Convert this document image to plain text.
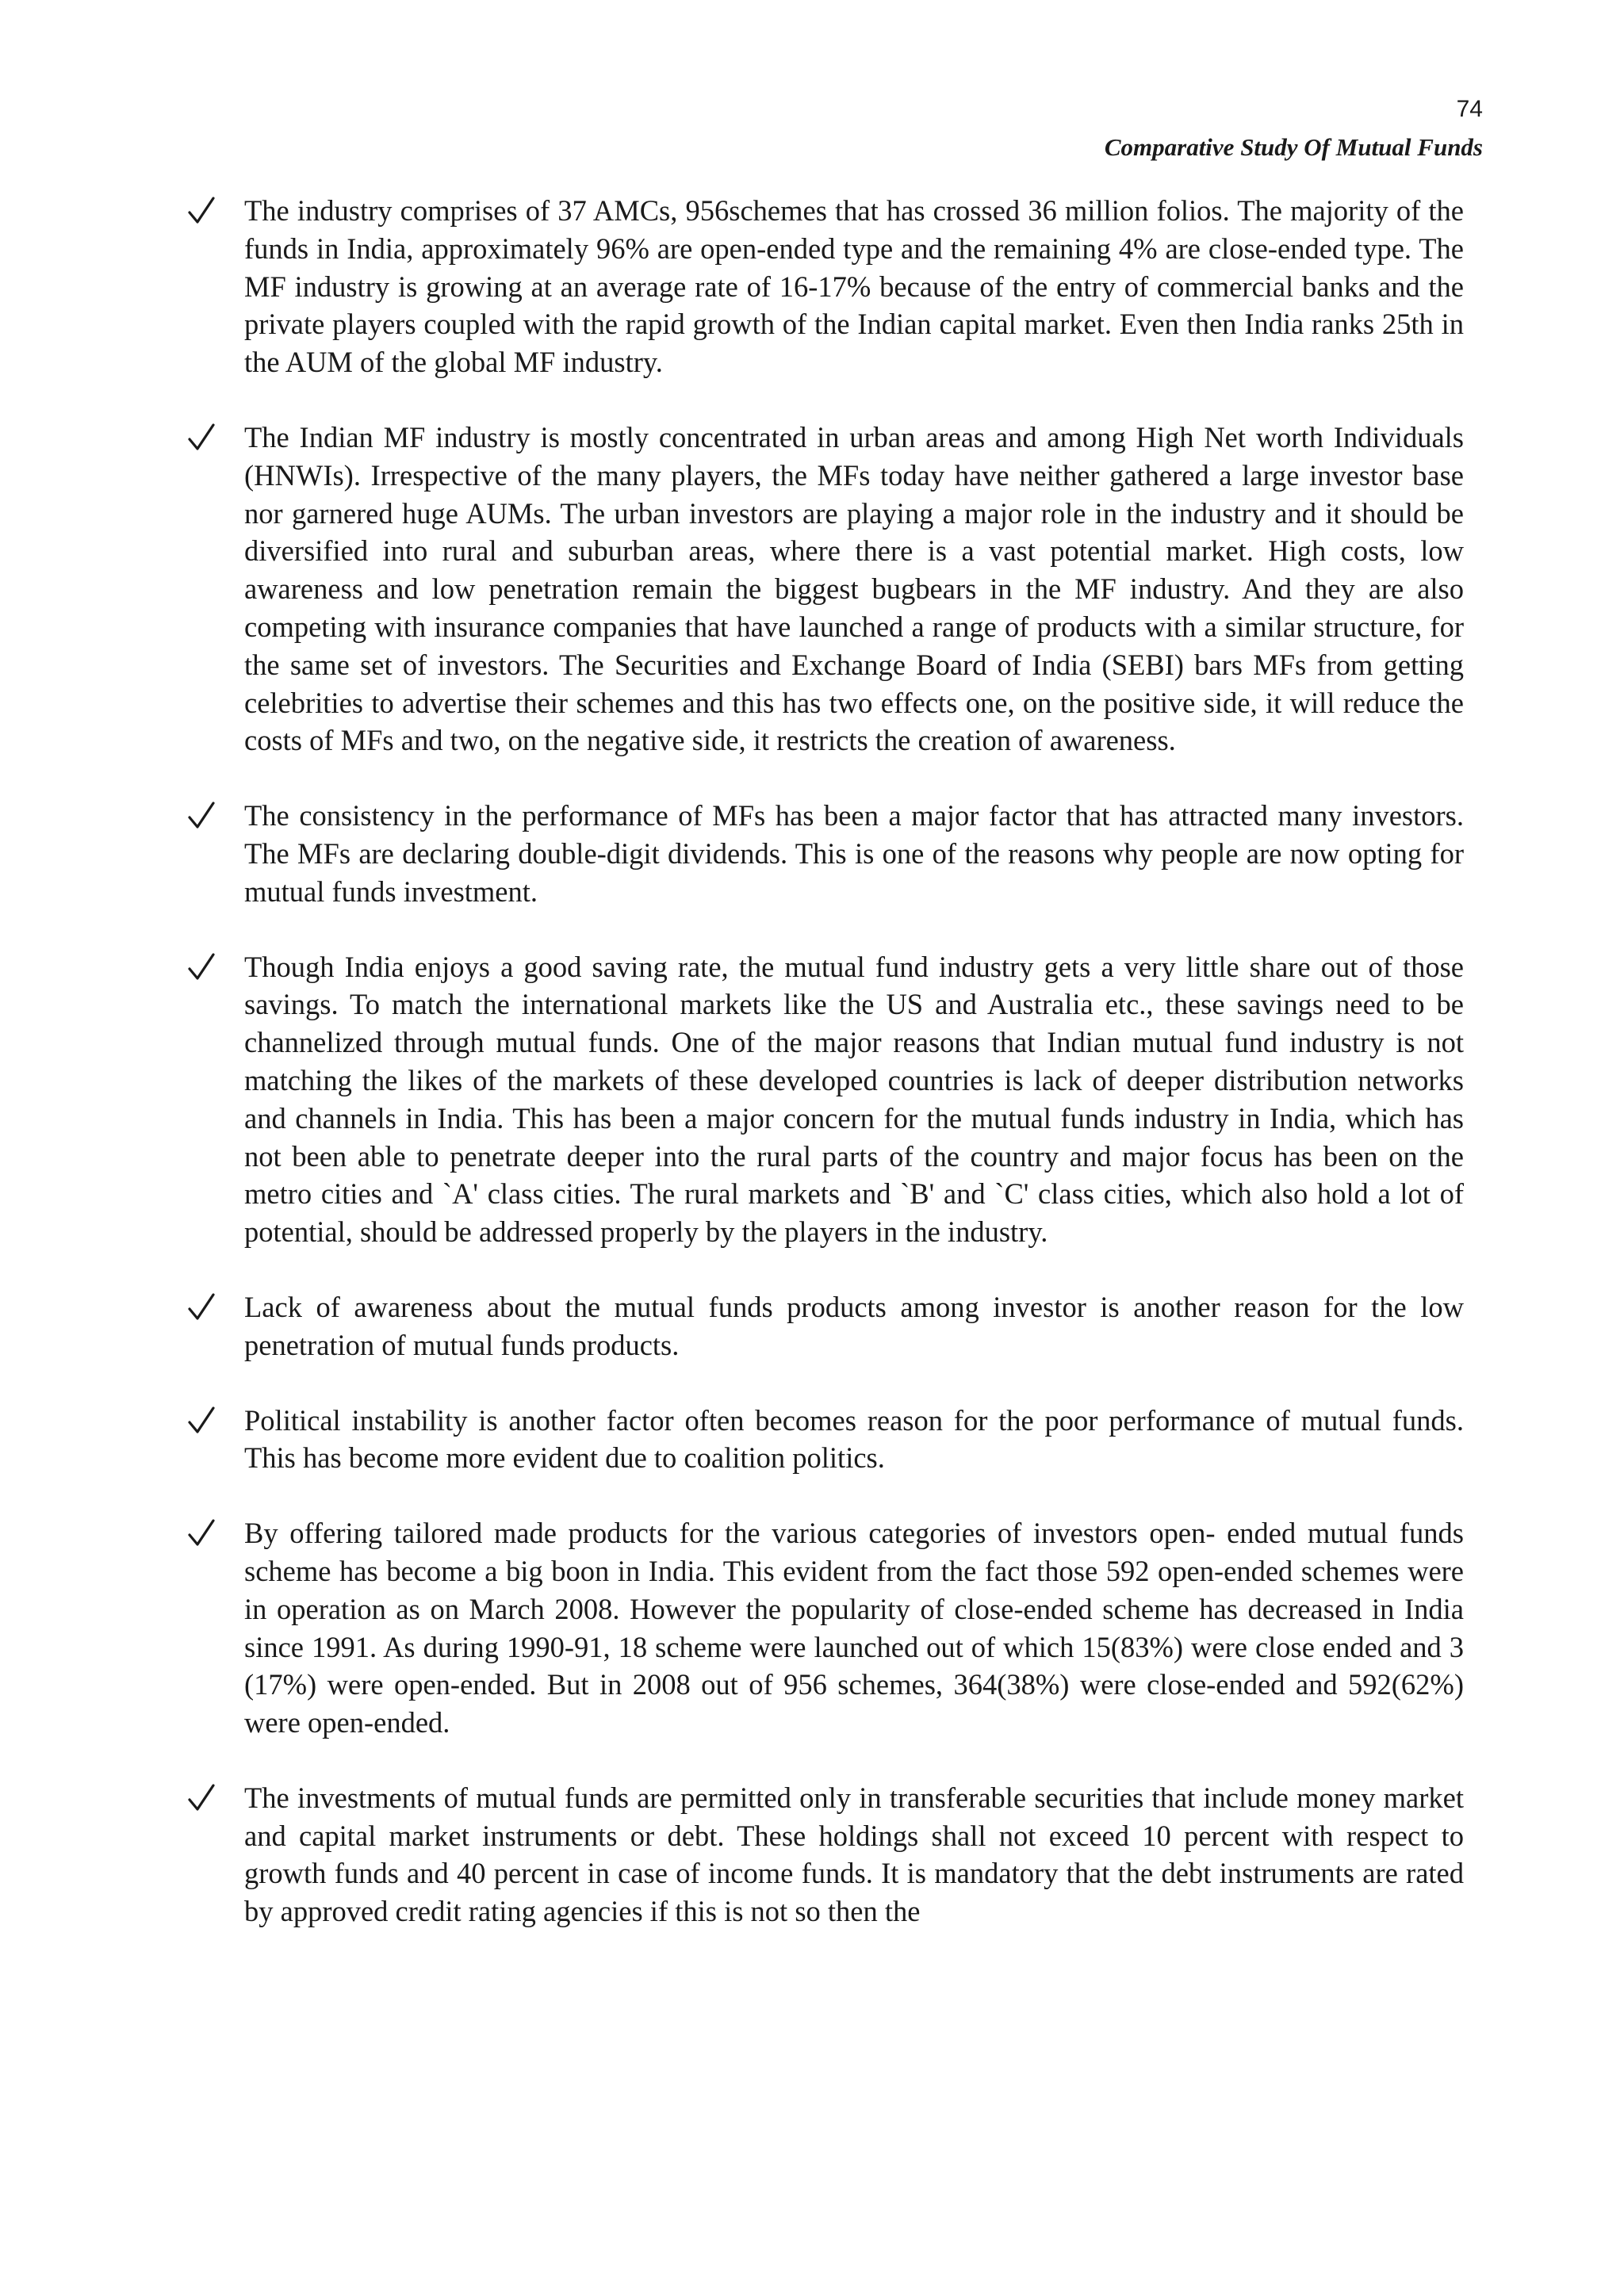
74
Comparative Study Of Mutual Funds
The industry comprises of 37 AMCs, 956schemes that has crossed 36 million folios. The majority of the funds in India, approximately 96% are open-ended type and the remaining 4% are close-ended type. The MF industry is growing at an average rate of 16-17% because of the entry of commercial banks and the private players coupled with the rapid growth of the Indian capital market. Even then India ranks 25th in the AUM of the global MF industry.
The Indian MF industry is mostly concentrated in urban areas and among High Net worth Individuals (HNWIs). Irrespective of the many players, the MFs today have neither gathered a large investor base nor garnered huge AUMs. The urban investors are playing a major role in the industry and it should be diversified into rural and suburban areas, where there is a vast potential market. High costs, low awareness and low penetration remain the biggest bugbears in the MF industry. And they are also competing with insurance companies that have launched a range of products with a similar structure, for the same set of investors. The Securities and Exchange Board of India (SEBI) bars MFs from getting celebrities to advertise their schemes and this has two effects one, on the positive side, it will reduce the costs of MFs and two, on the negative side, it restricts the creation of awareness.
The consistency in the performance of MFs has been a major factor that has attracted many investors. The MFs are declaring double-digit dividends. This is one of the reasons why people are now opting for mutual funds investment.
Though India enjoys a good saving rate, the mutual fund industry gets a very little share out of those savings. To match the international markets like the US and Australia etc., these savings need to be channelized through mutual funds. One of the major reasons that Indian mutual fund industry is not matching the likes of the markets of these developed countries is lack of deeper distribution networks and channels in India. This has been a major concern for the mutual funds industry in India, which has not been able to penetrate deeper into the rural parts of the country and major focus has been on the metro cities and `A' class cities. The rural markets and `B' and `C' class cities, which also hold a lot of potential, should be addressed properly by the players in the industry.
Lack of awareness about the mutual funds products among investor is another reason for the low penetration of mutual funds products.
Political instability is another factor often becomes reason for the poor performance of mutual funds. This has become more evident due to coalition politics.
By offering tailored made products for the various categories of investors open- ended mutual funds scheme has become a big boon in India. This evident from the fact those 592 open-ended schemes were in operation as on March 2008. However the popularity of close-ended scheme has decreased in India since 1991. As during 1990-91, 18 scheme were launched out of which 15(83%) were close ended and 3 (17%) were open-ended. But in 2008 out of 956 schemes, 364(38%) were close-ended and 592(62%) were open-ended.
The investments of mutual funds are permitted only in transferable securities that include money market and capital market instruments or debt. These holdings shall not exceed 10 percent with respect to growth funds and 40 percent in case of income funds. It is mandatory that the debt instruments are rated by approved credit rating agencies if this is not so then the
